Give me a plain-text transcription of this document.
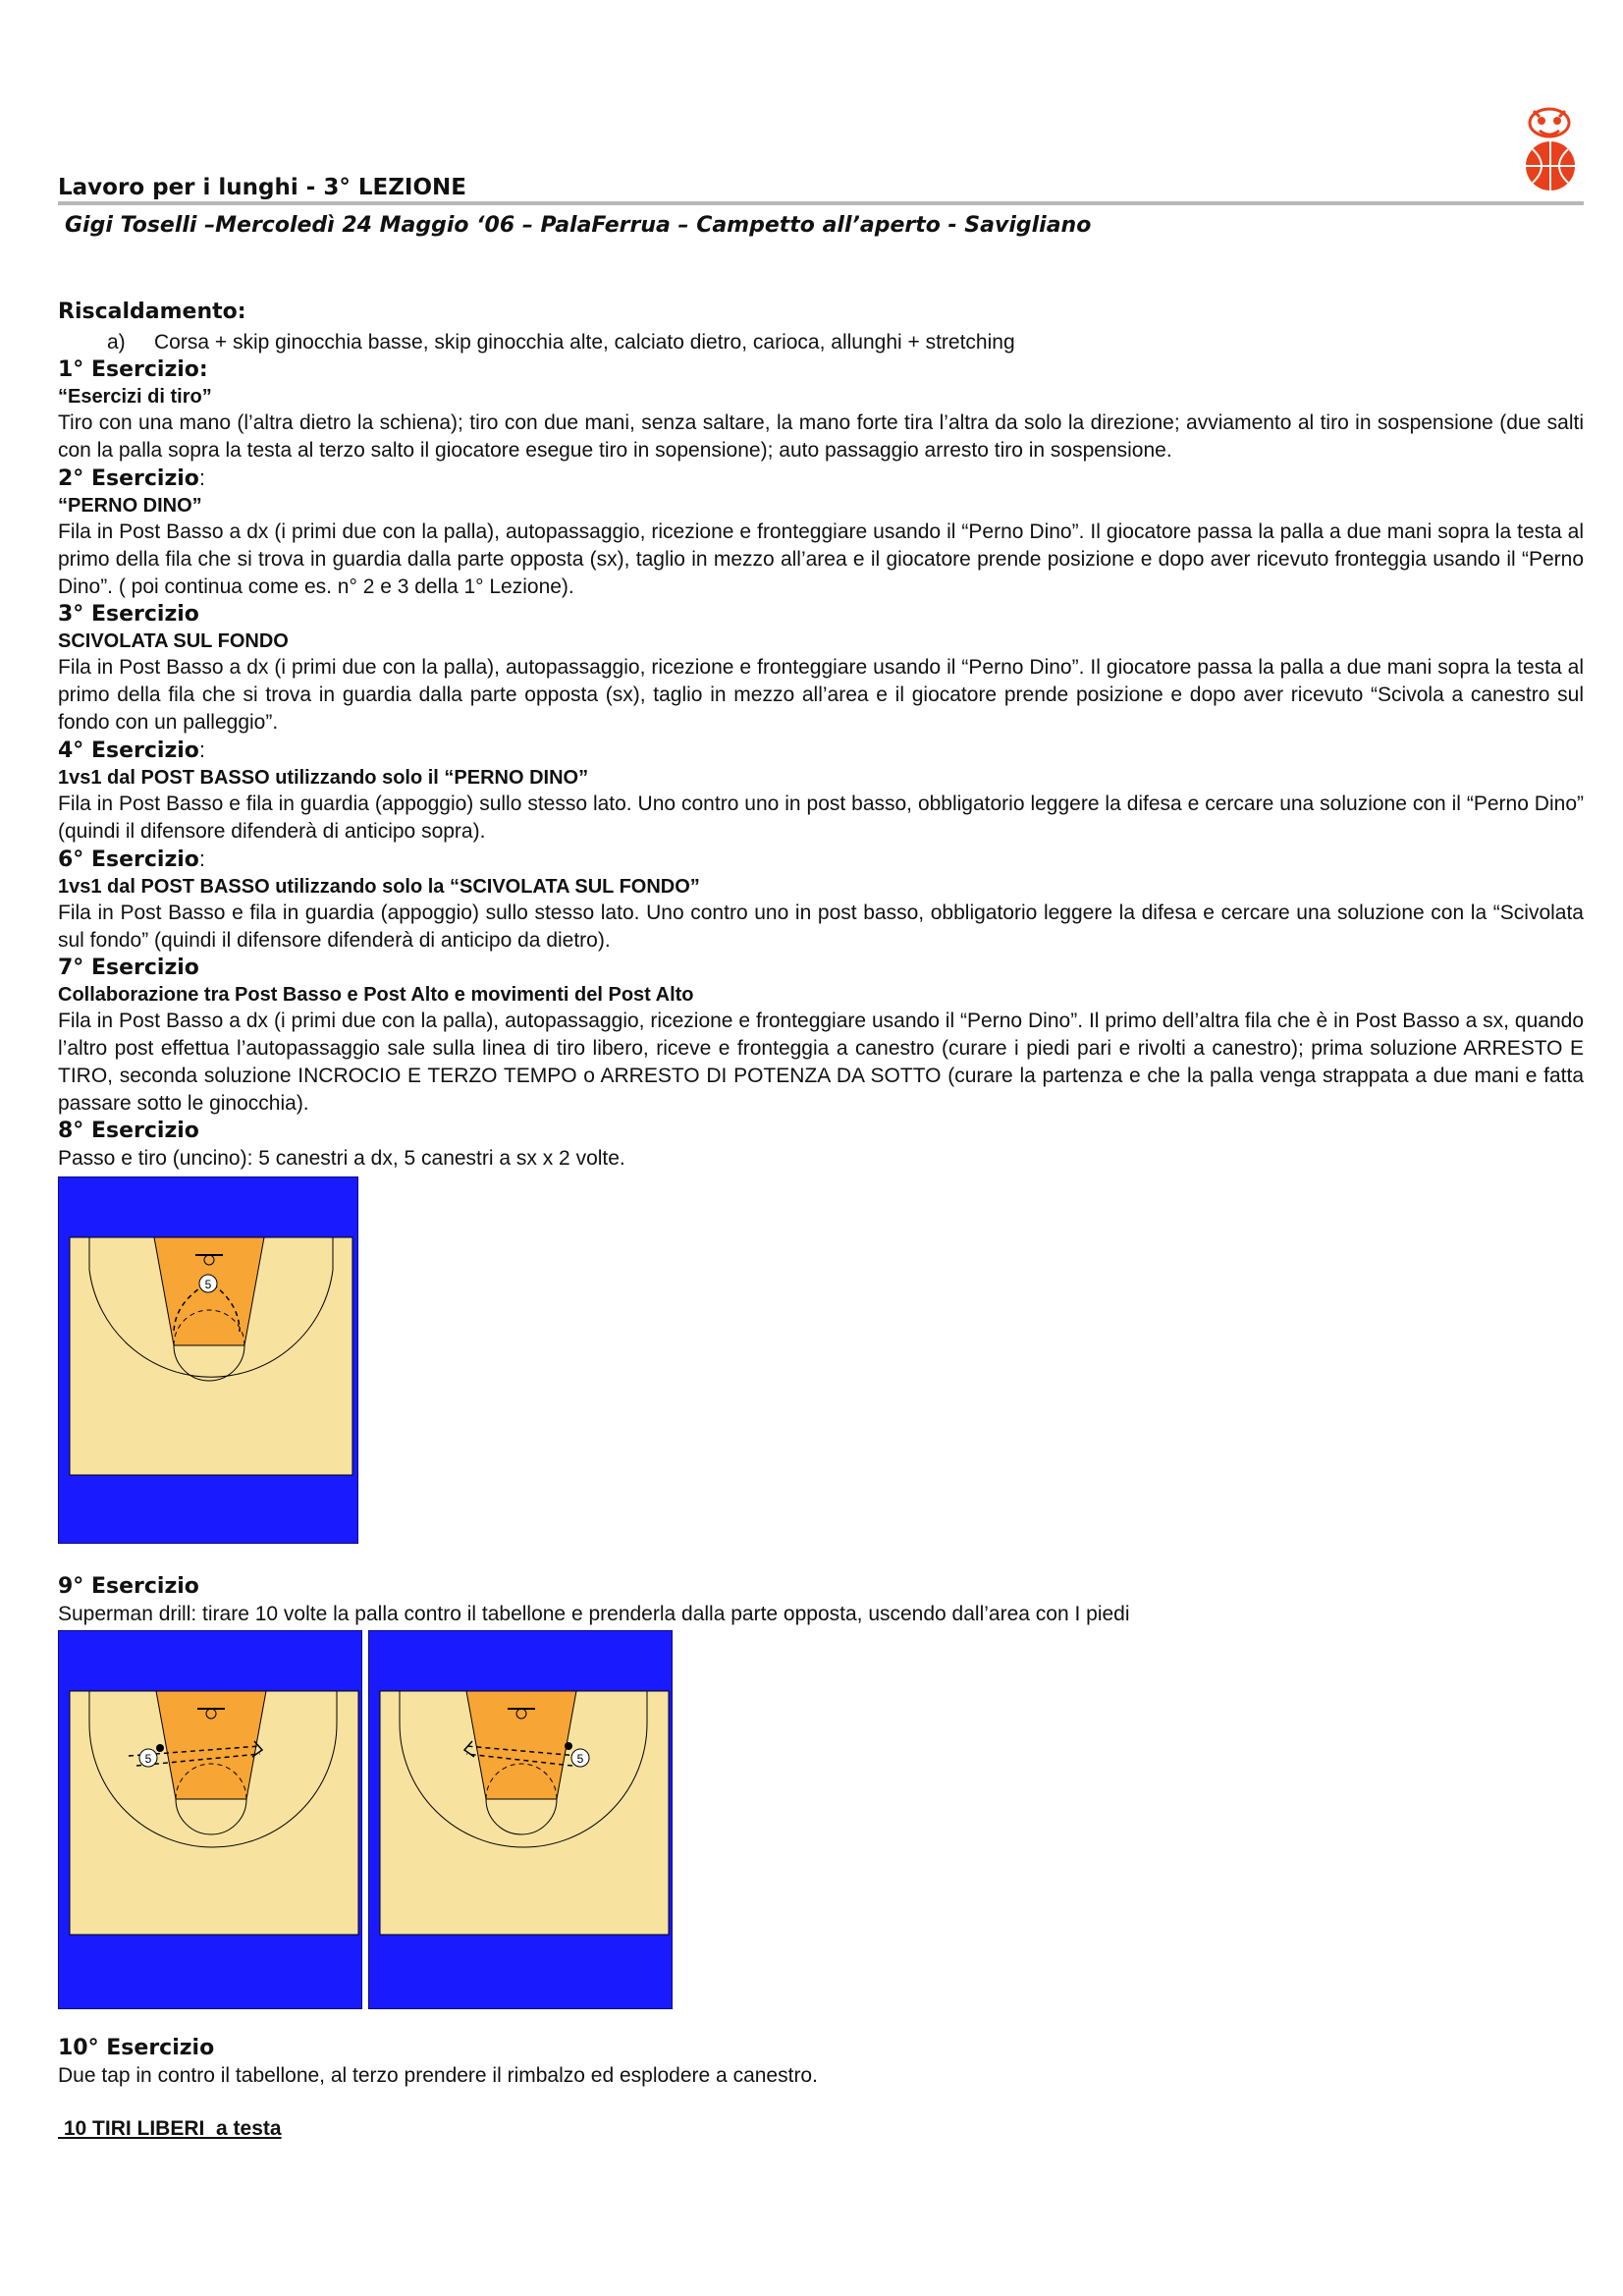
Lavoro per i lunghi - 3° LEZIONE
Gigi Toselli –Mercoledì 24 Maggio ‘06 – PalaFerrua – Campetto all’aperto - Savigliano
Riscaldamento:
a) Corsa + skip ginocchia basse, skip ginocchia alte, calciato dietro, carioca, allunghi + stretching
1° Esercizio:
“Esercizi di tiro”
Tiro con una mano (l’altra dietro la schiena); tiro con due mani, senza saltare, la mano forte tira l’altra da solo la direzione; avviamento al tiro in sospensione (due salti con la palla sopra la testa al terzo salto il giocatore esegue tiro in sopensione); auto passaggio arresto tiro in sospensione.
2° Esercizio:
“PERNO DINO”
Fila in Post Basso a dx (i primi due con la palla), autopassaggio, ricezione e fronteggiare usando il “Perno Dino”. Il giocatore passa la palla a due mani sopra la testa al primo della fila che si trova in guardia dalla parte opposta (sx), taglio in mezzo all’area e il giocatore prende posizione e dopo aver ricevuto fronteggia usando il “Perno Dino”. ( poi continua come es. n° 2 e 3 della 1° Lezione).
3° Esercizio
SCIVOLATA SUL FONDO
Fila in Post Basso a dx (i primi due con la palla), autopassaggio, ricezione e fronteggiare usando il “Perno Dino”. Il giocatore passa la palla a due mani sopra la testa al primo della fila che si trova in guardia dalla parte opposta (sx), taglio in mezzo all’area e il giocatore prende posizione e dopo aver ricevuto “Scivola a canestro sul fondo con un palleggio”.
4° Esercizio:
1vs1 dal POST BASSO utilizzando solo il “PERNO DINO”
Fila in Post Basso e fila in guardia (appoggio) sullo stesso lato. Uno contro uno in post basso, obbligatorio leggere la difesa e cercare una soluzione con il “Perno Dino” (quindi il difensore difenderà di anticipo sopra).
6° Esercizio:
1vs1 dal POST BASSO utilizzando solo la “SCIVOLATA SUL FONDO”
Fila in Post Basso e fila in guardia (appoggio) sullo stesso lato. Uno contro uno in post basso, obbligatorio leggere la difesa e cercare una soluzione con la “Scivolata sul fondo” (quindi il difensore difenderà di anticipo da dietro).
7° Esercizio
Collaborazione tra Post Basso e Post Alto e movimenti del Post Alto
Fila in Post Basso a dx (i primi due con la palla), autopassaggio, ricezione e fronteggiare usando il “Perno Dino”. Il primo dell’altra fila che è in Post Basso a sx, quando l’altro post effettua l’autopassaggio sale sulla linea di tiro libero, riceve e fronteggia a canestro (curare i piedi pari e rivolti a canestro); prima soluzione ARRESTO E TIRO, seconda soluzione INCROCIO E TERZO TEMPO o ARRESTO DI POTENZA DA SOTTO (curare la partenza e che la palla venga strappata a due mani e fatta passare sotto le ginocchia).
8° Esercizio
Passo e tiro (uncino): 5 canestri a dx, 5 canestri a sx x 2 volte.
5
9° Esercizio
Superman drill: tirare 10 volte la palla contro il tabellone e prenderla dalla parte opposta, uscendo dall’area con I piedi
5	5
10° Esercizio
Due tap in contro il tabellone, al terzo prendere il rimbalzo ed esplodere a canestro.
10 TIRI LIBERI  a testa
